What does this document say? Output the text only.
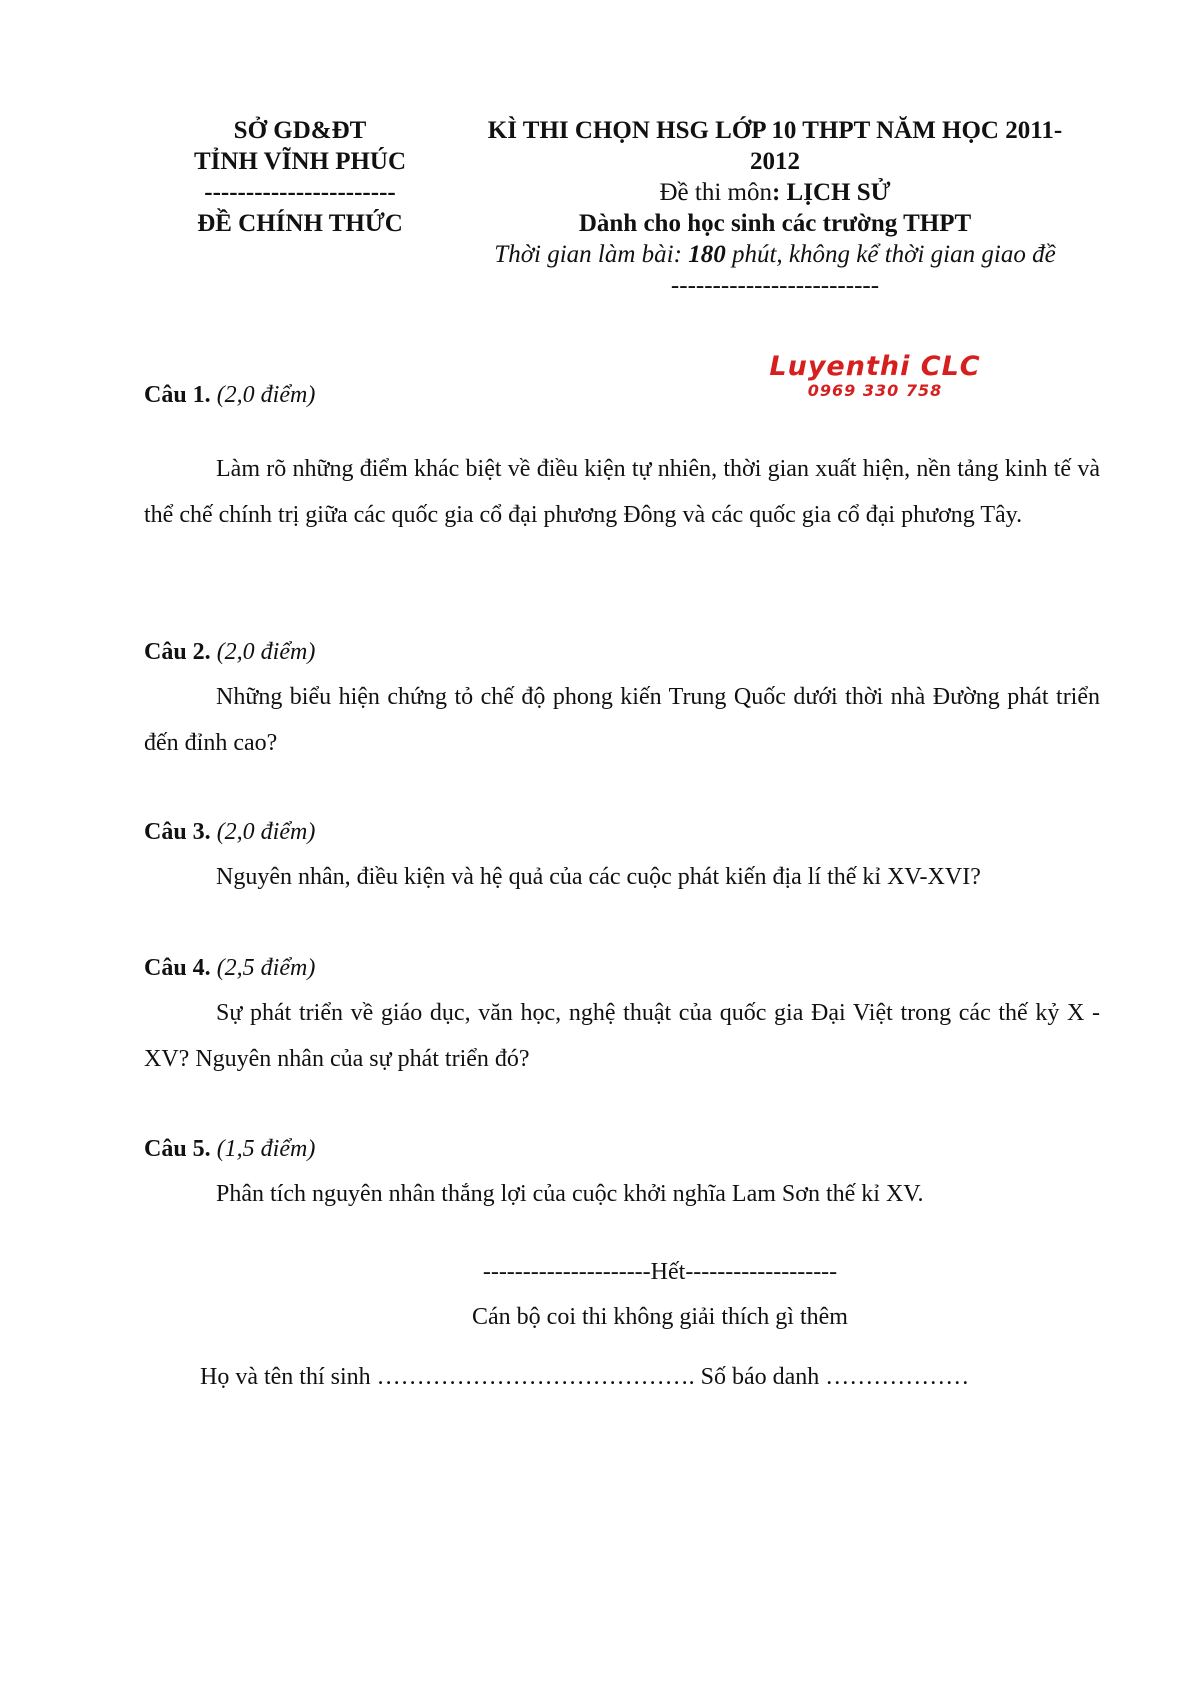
SỞ GD&ĐT
TỈNH VĨNH PHÚC
-----------------------
ĐỀ CHÍNH THỨC
KÌ THI CHỌN HSG LỚP 10 THPT NĂM HỌC 2011-
2012
Đề thi môn: LỊCH SỬ
Dành cho học sinh các trường THPT
Thời gian làm bài: 180 phút, không kể thời gian giao đề
-------------------------
Luyenthi CLC
0969 330 758
Câu 1. (2,0 điểm)
Làm rõ những điểm khác biệt về điều kiện tự nhiên, thời gian xuất hiện, nền tảng kinh tế và thể chế chính trị giữa các quốc gia cổ đại phương Đông và các quốc gia cổ đại phương Tây.
Câu 2. (2,0 điểm)
Những biểu hiện chứng tỏ chế độ phong kiến Trung Quốc dưới thời nhà Đường phát triển đến đỉnh cao?
Câu 3. (2,0 điểm)
Nguyên nhân, điều kiện và hệ quả của các cuộc phát kiến địa lí thế kỉ XV-XVI?
Câu 4. (2,5 điểm)
Sự phát triển về giáo dục, văn học, nghệ thuật của quốc gia Đại Việt trong các thế kỷ X - XV? Nguyên nhân của sự phát triển đó?
Câu 5. (1,5 điểm)
Phân tích nguyên nhân thắng lợi của cuộc khởi nghĩa Lam Sơn thế kỉ XV.
---------------------Hết-------------------
Cán bộ coi thi không giải thích gì thêm
Họ và tên thí sinh …………………………………. Số báo danh ………………
